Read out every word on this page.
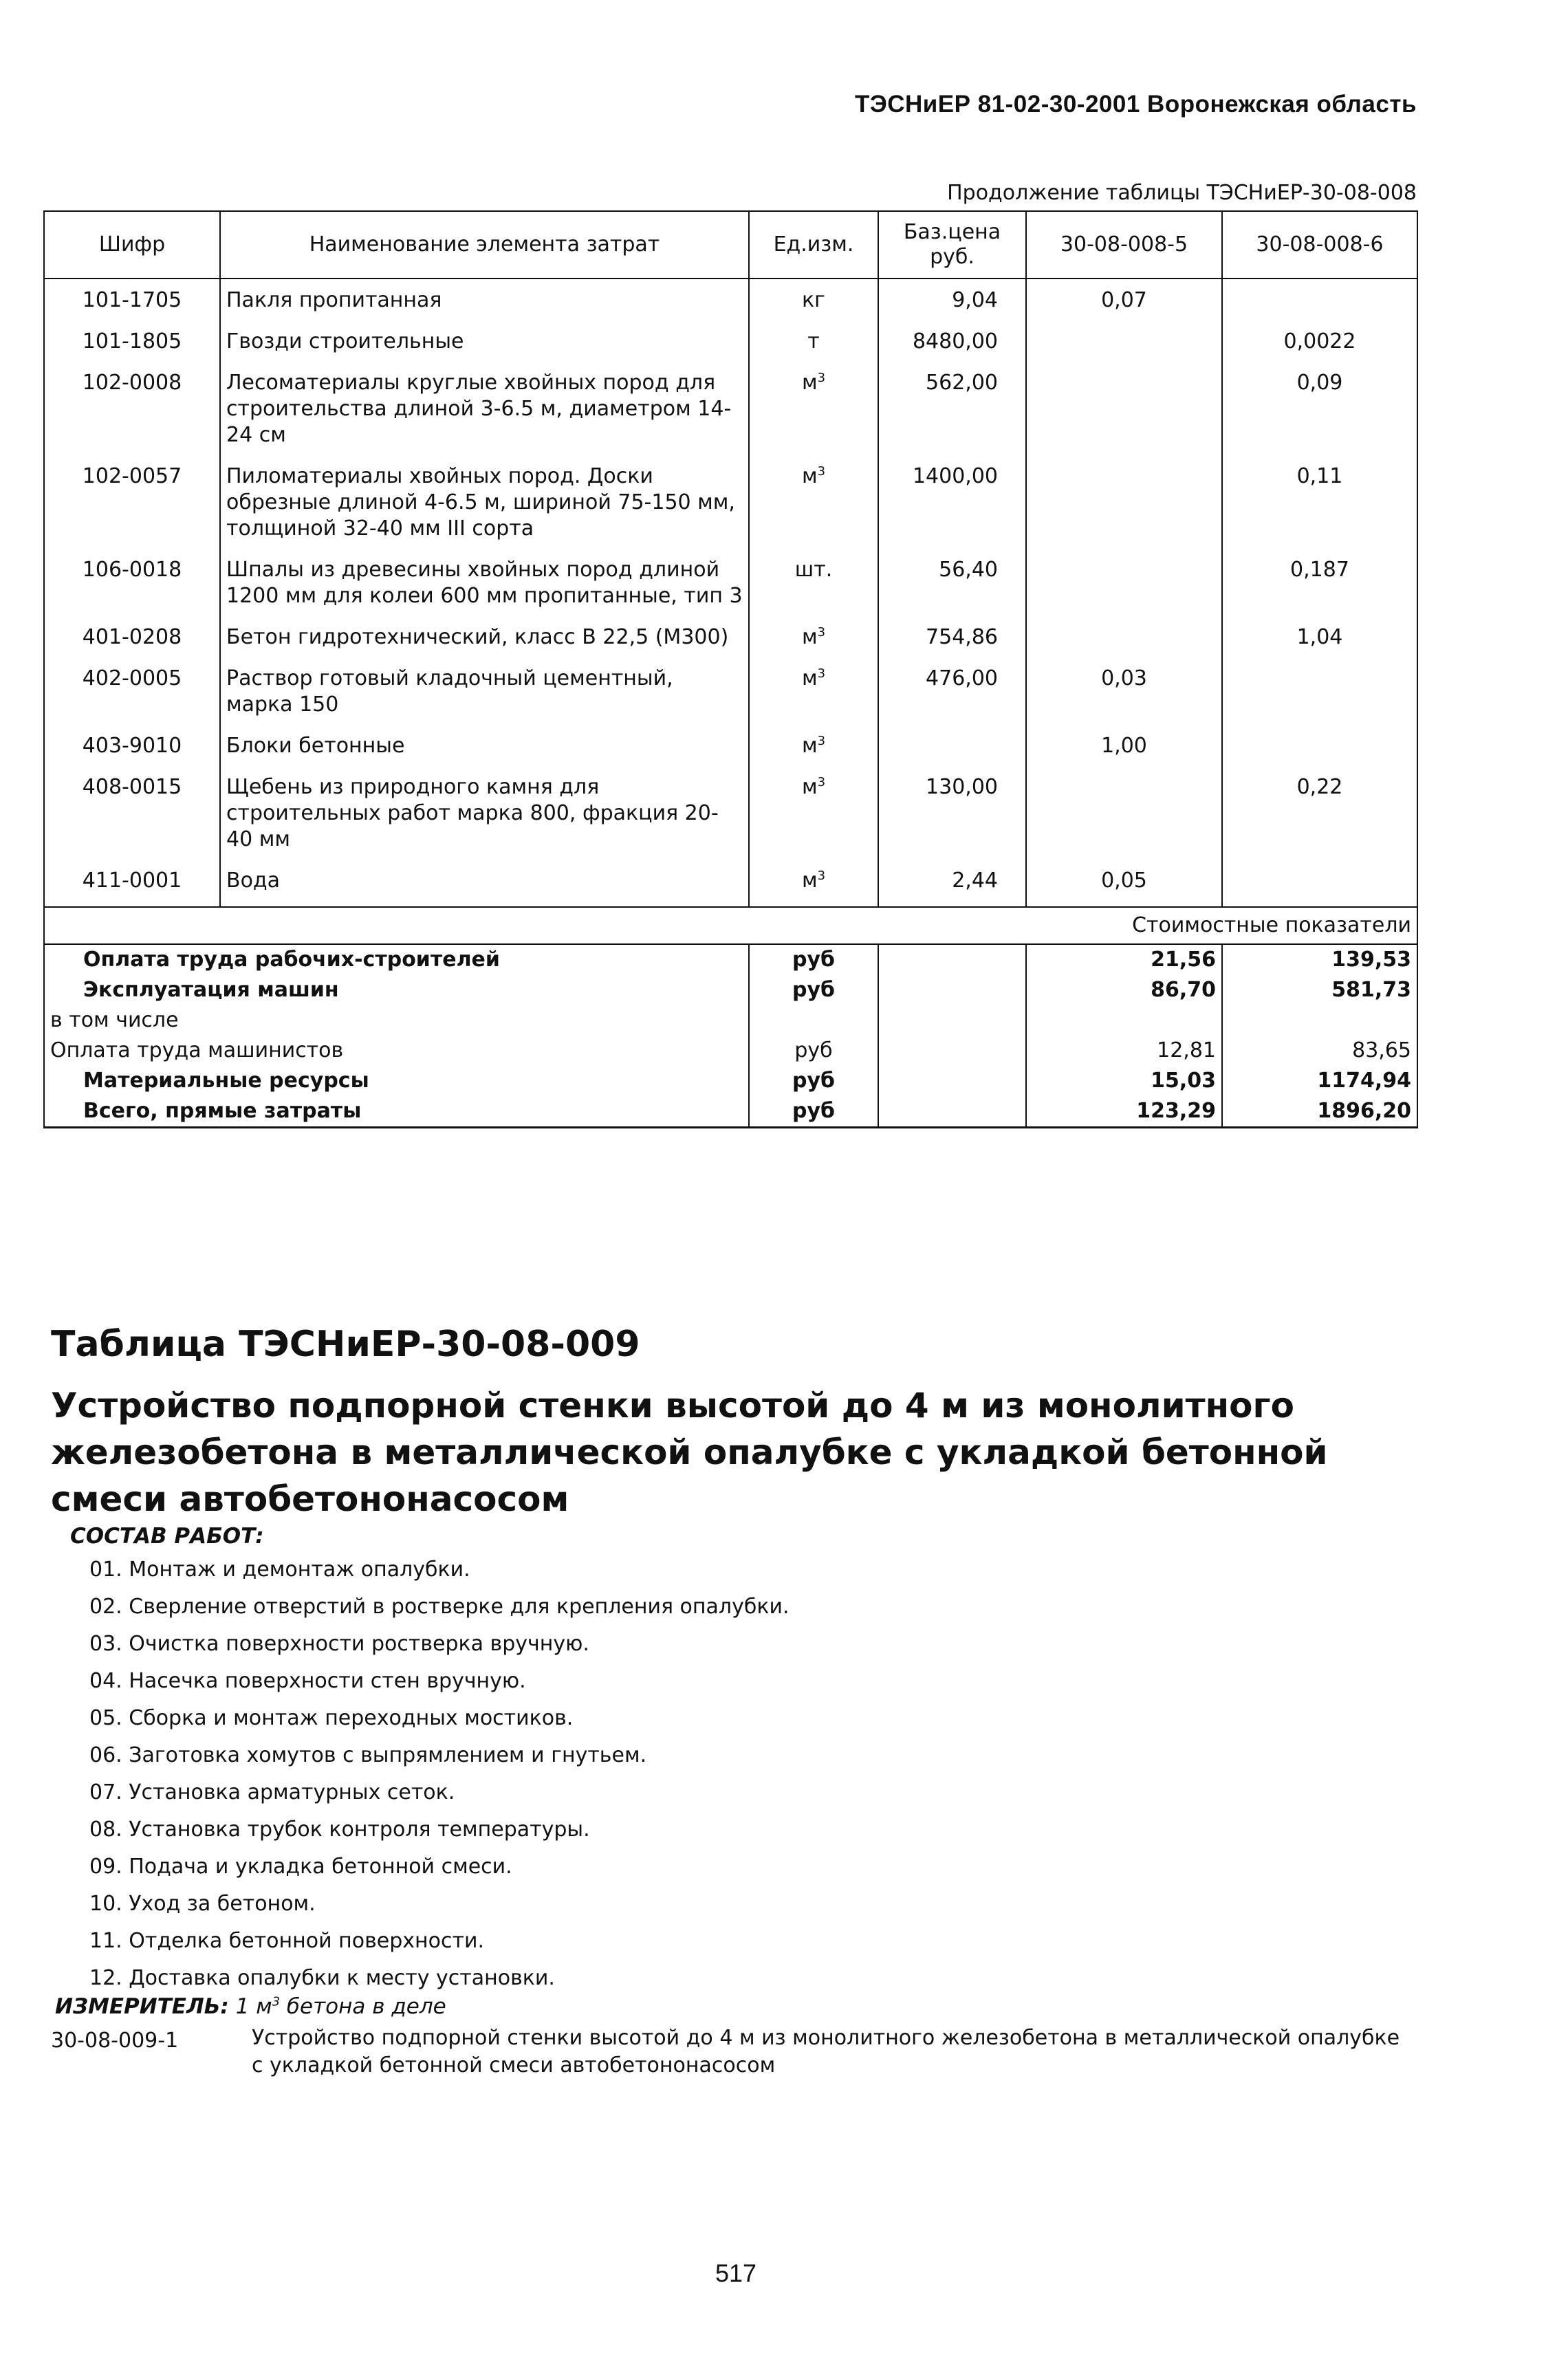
ТЭСНиЕР 81-02-30-2001 Воронежская область
Продолжение таблицы ТЭСНиЕР-30-08-008
Шифр	Наименование элемента затрат	Ед.изм.	Баз.цена руб.	30-08-008-5	30-08-008-6
101-1705	Пакля пропитанная	кг	9,04	0,07	
101-1805	Гвозди строительные	т	8480,00		0,0022
102-0008	Лесоматериалы круглые хвойных пород для строительства длиной 3-6.5 м, диаметром 14-24 см	$м^3$	562,00		0,09
102-0057	Пиломатериалы хвойных пород. Доски обрезные длиной 4-6.5 м, шириной 75-150 мм, толщиной 32-40 мм III сорта	$м^3$	1400,00		0,11
106-0018	Шпалы из древесины хвойных пород длиной 1200 мм для колеи 600 мм пропитанные, тип 3	шт.	56,40		0,187
401-0208	Бетон гидротехнический, класс В 22,5 (М300)	$м^3$	754,86		1,04
402-0005	Раствор готовый кладочный цементный, марка 150	$м^3$	476,00	0,03	
403-9010	Блоки бетонные	$м^3$		1,00	
408-0015	Щебень из природного камня для строительных работ марка 800, фракция 20-40 мм	$м^3$	130,00		0,22
411-0001	Вода	$м^3$	2,44	0,05	
Стоимостные показатели					
Оплата труда рабочих-строителей		руб		21,56	139,53
Эксплуатация машин		руб		86,70	581,73
в том числе					
Оплата труда машинистов		руб		12,81	83,65
Материальные ресурсы		руб		15,03	1174,94
Всего, прямые затраты		руб		123,29	1896,20
Таблица ТЭСНиЕР-30-08-009
Устройство подпорной стенки высотой до 4 м из монолитного железобетона в металлической опалубке с укладкой бетонной смеси автобетононасосом
СОСТАВ РАБОТ:
01. Монтаж и демонтаж опалубки.
02. Сверление отверстий в ростверке для крепления опалубки.
03. Очистка поверхности ростверка вручную.
04. Насечка поверхности стен вручную.
05. Сборка и монтаж переходных мостиков.
06. Заготовка хомутов с выпрямлением и гнутьем.
07. Установка арматурных сеток.
08. Установка трубок контроля температуры.
09. Подача и укладка бетонной смеси.
10. Уход за бетоном.
11. Отделка бетонной поверхности.
12. Доставка опалубки к месту установки.
ИЗМЕРИТЕЛЬ: 1 $м^3$ бетона в деле
30-08-009-1	Устройство подпорной стенки высотой до 4 м из монолитного железобетона в металлической опалубке с укладкой бетонной смеси автобетононасосом
517
